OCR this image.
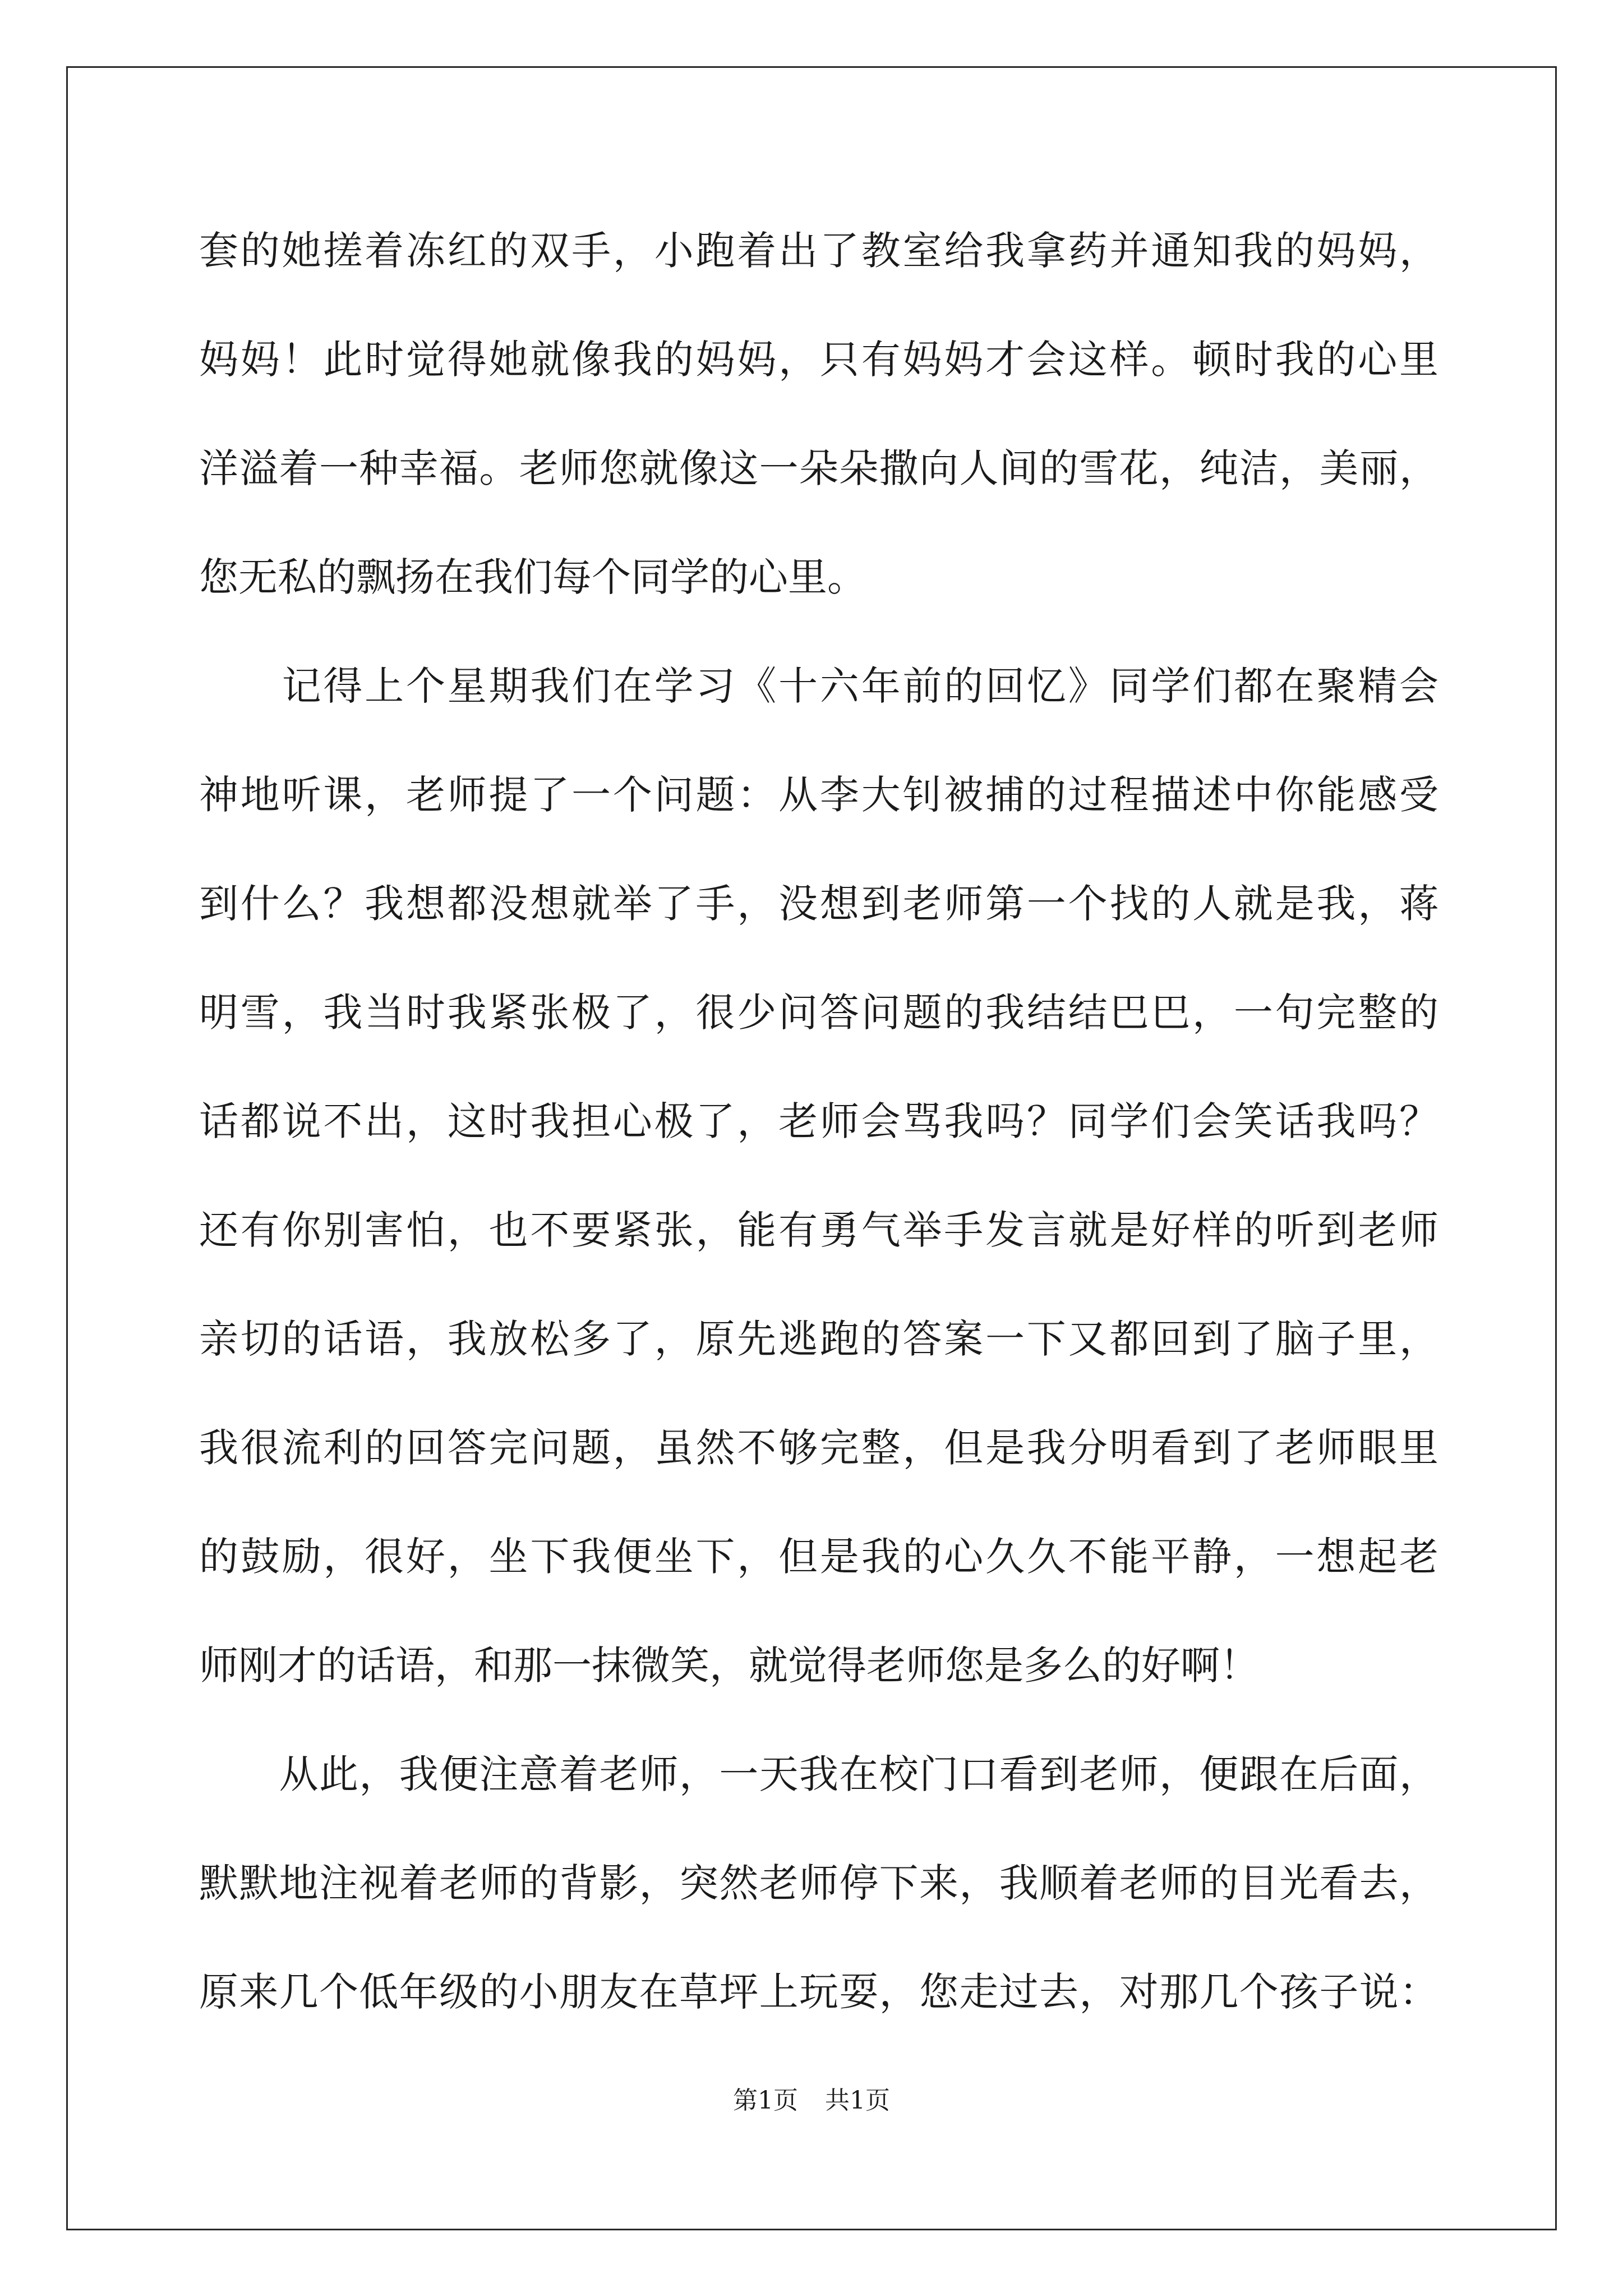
套的她搓着冻红的双手，小跑着出了教室给我拿药并通知我的妈妈，
妈妈！此时觉得她就像我的妈妈，只有妈妈才会这样。顿时我的心里
洋溢着一种幸福。老师您就像这一朵朵撒向人间的雪花，纯洁，美丽，
您无私的飘扬在我们每个同学的心里。
　　记得上个星期我们在学习《十六年前的回忆》同学们都在聚精会
神地听课，老师提了一个问题：从李大钊被捕的过程描述中你能感受
到什么？我想都没想就举了手，没想到老师第一个找的人就是我，蒋
明雪，我当时我紧张极了，很少问答问题的我结结巴巴，一句完整的
话都说不出，这时我担心极了，老师会骂我吗？同学们会笑话我吗？
还有你别害怕，也不要紧张，能有勇气举手发言就是好样的听到老师
亲切的话语，我放松多了，原先逃跑的答案一下又都回到了脑子里，
我很流利的回答完问题，虽然不够完整，但是我分明看到了老师眼里
的鼓励，很好，坐下我便坐下，但是我的心久久不能平静，一想起老
师刚才的话语，和那一抹微笑，就觉得老师您是多么的好啊！
　　从此，我便注意着老师，一天我在校门口看到老师，便跟在后面，
默默地注视着老师的背影，突然老师停下来，我顺着老师的目光看去，
原来几个低年级的小朋友在草坪上玩耍，您走过去，对那几个孩子说：
第1页 共1页
